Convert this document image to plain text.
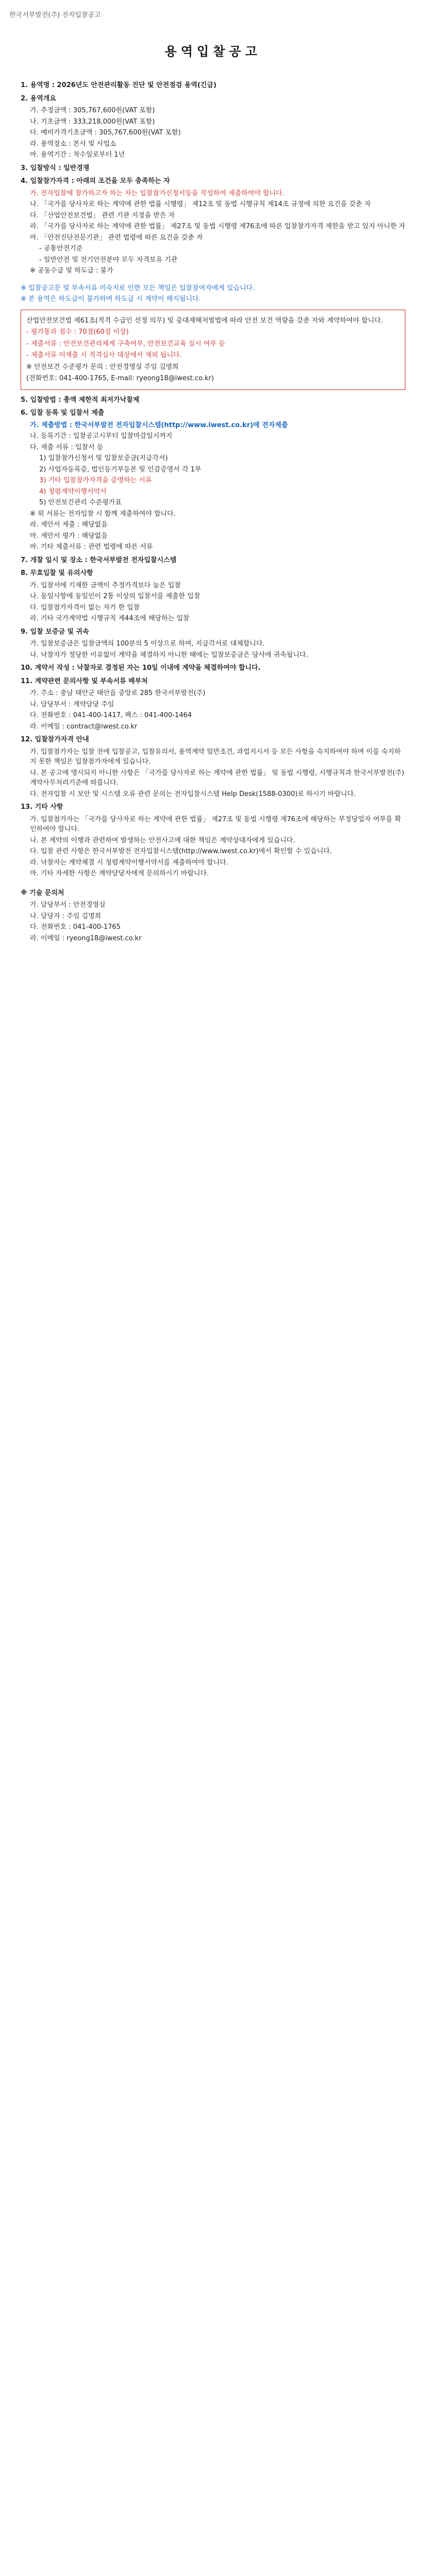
한국서부발전(주) 전자입찰공고
용역입찰공고
1. 용역명 : 2026년도 안전관리활동 진단 및 안전점검 용역(긴급)
2. 용역개요
가. 추정금액 : 305,767,600원(VAT 포함)
나. 기초금액 : 333,218,000원(VAT 포함)
다. 예비가격기초금액 : 305,767,600원(VAT 포함)
라. 용역장소 : 본사 및 사업소
마. 용역기간 : 착수일로부터 1년
3. 입찰방식 : 일반경쟁
4. 입찰참가자격 : 아래의 조건을 모두 충족하는 자
가. 전자입찰에 참가하고자 하는 자는 입찰참가신청서등을 작성하여 제출하여야 합니다.
나. 「국가를 당사자로 하는 계약에 관한 법률 시행령」 제12조 및 동법 시행규칙 제14조 규정에 의한 요건을 갖춘 자
다. 「산업안전보건법」 관련 기관 지정을 받은 자
라. 「국가를 당사자로 하는 계약에 관한 법률」 제27조 및 동법 시행령 제76조에 따른 입찰참가자격 제한을 받고 있지 아니한 자
마. 「안전진단전문기관」 관련 법령에 따른 요건을 갖춘 자
- 공통안전기준
- 일반안전 및 전기안전분야 모두 자격보유 기관
※ 공동수급 및 하도급 : 불가
※ 입찰공고문 및 부속서류 미숙지로 인한 모든 책임은 입찰참여자에게 있습니다.
※ 본 용역은 하도급이 불가하며 하도급 시 계약이 해지됩니다.
산업안전보건법 제61조(적격 수급인 선정 의무) 및 중대재해처벌법에 따라 안전 보건 역량을 갖춘 자와 계약하여야 합니다.
- 평가통과 점수 : 70점(60점 이상)
- 제출서류 : 안전보건관리체계 구축여부, 안전보건교육 실시 여부 등
- 제출서류 미제출 시 적격심사 대상에서 제외 됩니다.
※ 안전보건 수준평가 문의 : 안전경영실 주임 김명희
(전화번호: 041-400-1765, E-mail: ryeong18@iwest.co.kr)
5. 입찰방법 : 총액 제한적 최저가낙찰제
6. 입찰 등록 및 입찰서 제출
가. 제출방법 : 한국서부발전 전자입찰시스템(http://www.iwest.co.kr)에 전자제출
나. 등록기간 : 입찰공고시부터 입찰마감일시까지
다. 제출 서류 : 입찰서 등
1) 입찰참가신청서 및 입찰보증금(지급각서)
2) 사업자등록증, 법인등기부등본 및 인감증명서 각 1부
3) 기타 입찰참가자격을 증명하는 서류
4) 청렴계약이행서약서
5) 안전보건관리 수준평가표
※ 위 서류는 전자입찰 시 함께 제출하여야 합니다.
라. 제안서 제출 : 해당없음
마. 제안서 평가 : 해당없음
바. 기타 제출서류 : 관련 법령에 따른 서류
7. 개찰 일시 및 장소 : 한국서부발전 전자입찰시스템
8. 무효입찰 및 유의사항
가. 입찰서에 기재한 금액이 추정가격보다 높은 입찰
나. 동일사항에 동일인이 2통 이상의 입찰서를 제출한 입찰
다. 입찰참가자격이 없는 자가 한 입찰
라. 기타 국가계약법 시행규칙 제44조에 해당하는 입찰
9. 입찰 보증금 및 귀속
가. 입찰보증금은 입찰금액의 100분의 5 이상으로 하며, 지급각서로 대체합니다.
나. 낙찰자가 정당한 이유없이 계약을 체결하지 아니한 때에는 입찰보증금은 당사에 귀속됩니다.
10. 계약서 작성 : 낙찰자로 결정된 자는 10일 이내에 계약을 체결하여야 합니다.
11. 계약관련 문의사항 및 부속서류 배부처
가. 주소 : 충남 태안군 태안읍 중앙로 285 한국서부발전(주)
나. 담당부서 : 계약담당 주임
다. 전화번호 : 041-400-1417, 팩스 : 041-400-1464
라. 이메일 : contract@iwest.co.kr
12. 입찰참가자격 안내
가. 입찰참가자는 입찰 전에 입찰공고, 입찰유의서, 용역계약 일반조건, 과업지시서 등 모든 사항을 숙지하여야 하며 이를 숙지하지 못한 책임은 입찰참가자에게 있습니다.
나. 본 공고에 명시되지 아니한 사항은 「국가를 당사자로 하는 계약에 관한 법률」 및 동법 시행령, 시행규칙과 한국서부발전(주) 계약사무처리기준에 따릅니다.
다. 전자입찰 시 보안 및 시스템 오류 관련 문의는 전자입찰시스템 Help Desk(1588-0300)로 하시기 바랍니다.
13. 기타 사항
가. 입찰참가자는 「국가를 당사자로 하는 계약에 관한 법률」 제27조 및 동법 시행령 제76조에 해당하는 부정당업자 여부를 확인하여야 합니다.
나. 본 계약의 이행과 관련하여 발생하는 안전사고에 대한 책임은 계약상대자에게 있습니다.
다. 입찰 관련 사항은 한국서부발전 전자입찰시스템(http://www.iwest.co.kr)에서 확인할 수 있습니다.
라. 낙찰자는 계약체결 시 청렴계약이행서약서를 제출하여야 합니다.
마. 기타 자세한 사항은 계약담당자에게 문의하시기 바랍니다.
※ 기술 문의처
가. 담당부서 : 안전경영실
나. 담당자 : 주임 김명희
다. 전화번호 : 041-400-1765
라. 이메일 : ryeong18@iwest.co.kr
